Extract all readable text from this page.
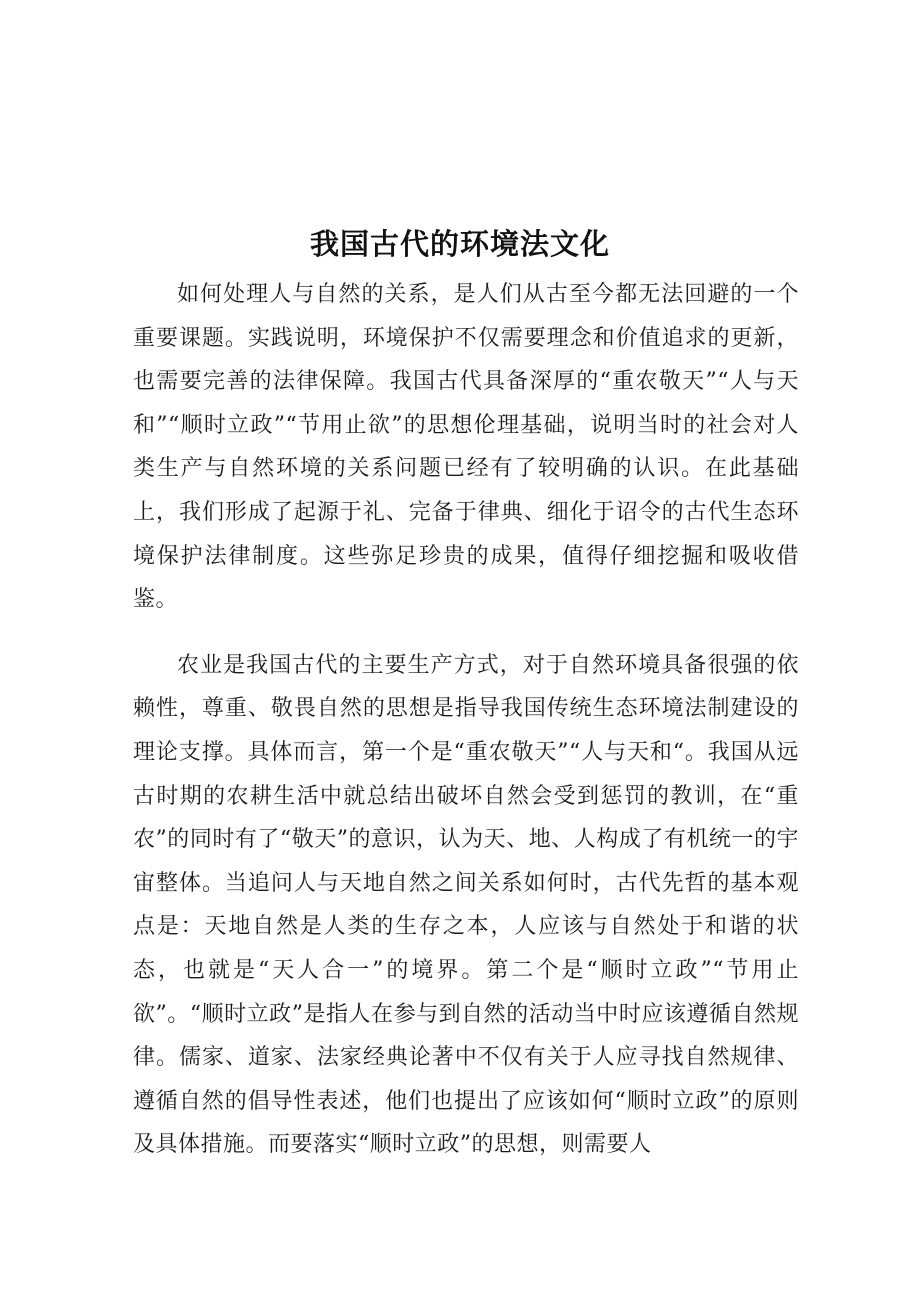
我国古代的环境法文化

如何处理人与自然的关系，是人们从古至今都无法回避的一个重要课题。实践说明，环境保护不仅需要理念和价值追求的更新，也需要完善的法律保障。我国古代具备深厚的“重农敬天”“人与天和”“顺时立政”“节用止欲”的思想伦理基础，说明当时的社会对人类生产与自然环境的关系问题已经有了较明确的认识。在此基础上，我们形成了起源于礼、完备于律典、细化于诏令的古代生态环境保护法律制度。这些弥足珍贵的成果，值得仔细挖掘和吸收借鉴。

农业是我国古代的主要生产方式，对于自然环境具备很强的依赖性，尊重、敬畏自然的思想是指导我国传统生态环境法制建设的理论支撑。具体而言，第一个是“重农敬天”“人与天和“。我国从远古时期的农耕生活中就总结出破坏自然会受到惩罚的教训，在“重农”的同时有了“敬天”的意识，认为天、地、人构成了有机统一的宇宙整体。当追问人与天地自然之间关系如何时，古代先哲的基本观点是：天地自然是人类的生存之本，人应该与自然处于和谐的状态，也就是“天人合一”的境界。第二个是“顺时立政”“节用止欲”。“顺时立政”是指人在参与到自然的活动当中时应该遵循自然规律。儒家、道家、法家经典论著中不仅有关于人应寻找自然规律、遵循自然的倡导性表述，他们也提出了应该如何“顺时立政”的原则及具体措施。而要落实“顺时立政”的思想，则需要人
